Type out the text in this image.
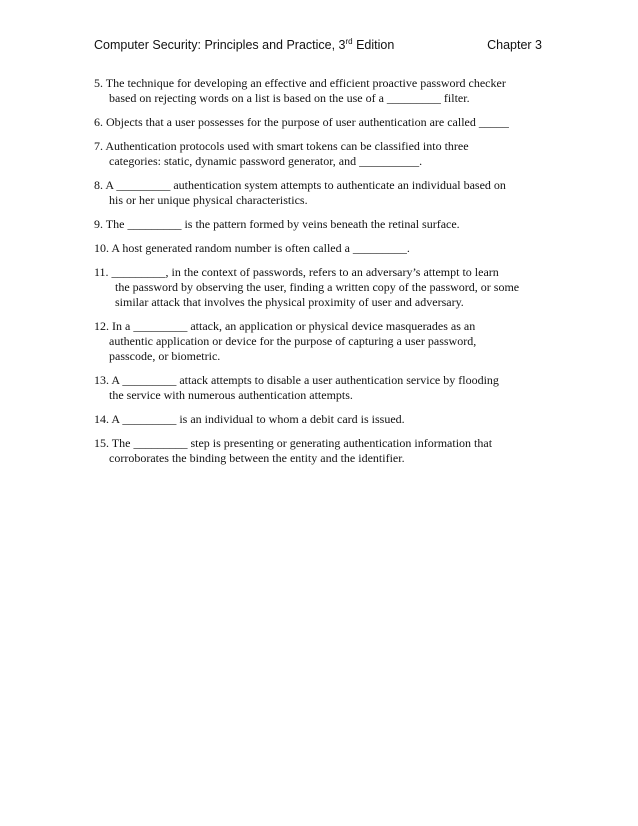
Computer Security: Principles and Practice, 3rd Edition	Chapter 3
5. The technique for developing an effective and efficient proactive password checker
based on rejecting words on a list is based on the use of a _________ filter.
6. Objects that a user possesses for the purpose of user authentication are called _____
7. Authentication protocols used with smart tokens can be classified into three
categories: static, dynamic password generator, and __________.
8. A _________ authentication system attempts to authenticate an individual based on
his or her unique physical characteristics.
9. The _________ is the pattern formed by veins beneath the retinal surface.
10. A host generated random number is often called a _________.
11. _________, in the context of passwords, refers to an adversary’s attempt to learn
the password by observing the user, finding a written copy of the password, or some
similar attack that involves the physical proximity of user and adversary.
12. In a _________ attack, an application or physical device masquerades as an
authentic application or device for the purpose of capturing a user password,
passcode, or biometric.
13. A _________ attack attempts to disable a user authentication service by flooding
the service with numerous authentication attempts.
14. A _________ is an individual to whom a debit card is issued.
15. The _________ step is presenting or generating authentication information that
corroborates the binding between the entity and the identifier.
